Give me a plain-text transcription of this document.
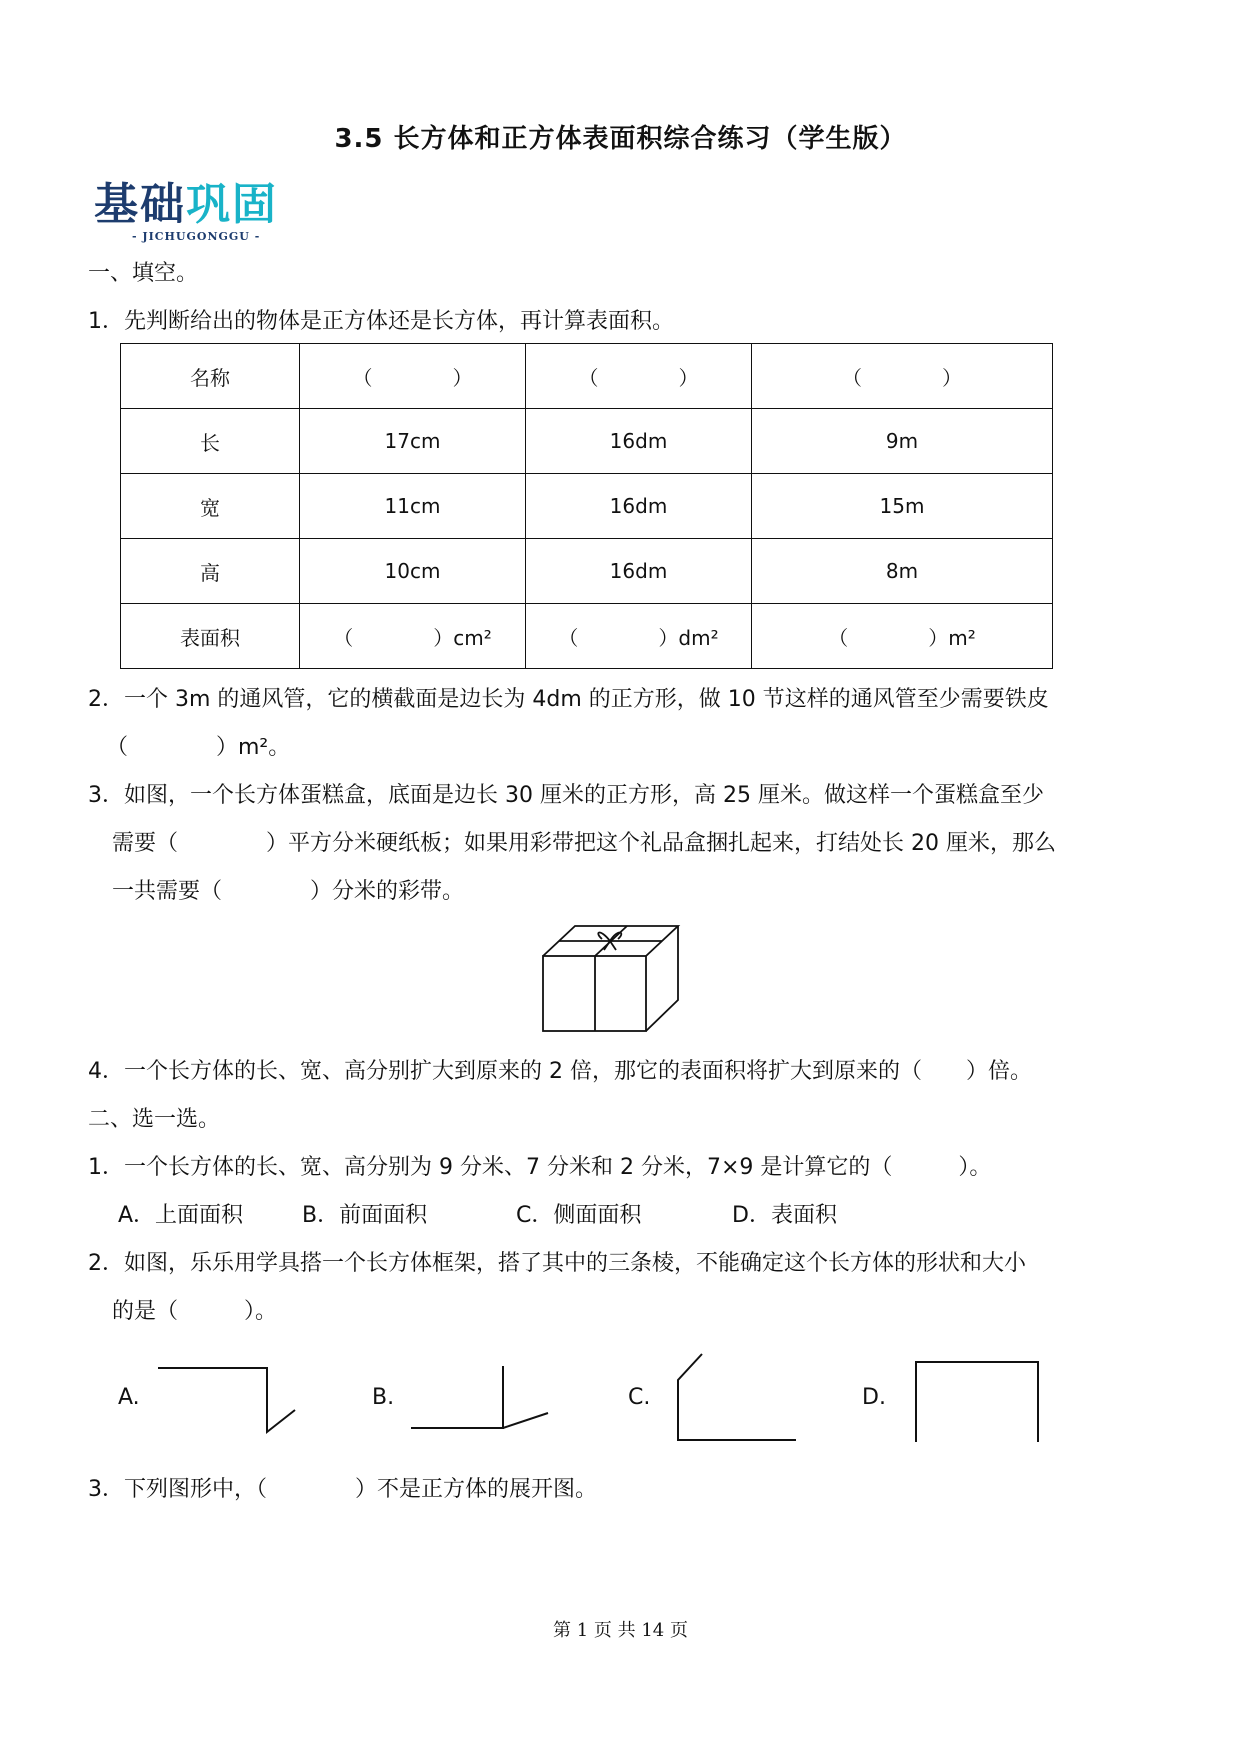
3.5 长方体和正方体表面积综合练习（学生版）
基础巩固
- JICHUGONGGU -
一、填空。
1．先判断给出的物体是正方体还是长方体，再计算表面积。
名称	（　　　　）	（　　　　）	（　　　　）
长	17cm	16dm	9m
宽	11cm	16dm	15m
高	10cm	16dm	8m
表面积	（　　　　）cm²	（　　　　）dm²	（　　　　）m²
2．一个 3m 的通风管，它的横截面是边长为 4dm 的正方形，做 10 节这样的通风管至少需要铁皮
（　　　　）m²。
3．如图，一个长方体蛋糕盒，底面是边长 30 厘米的正方形，高 25 厘米。做这样一个蛋糕盒至少
需要（　　　　）平方分米硬纸板；如果用彩带把这个礼品盒捆扎起来，打结处长 20 厘米，那么
一共需要（　　　　）分米的彩带。
4．一个长方体的长、宽、高分别扩大到原来的 2 倍，那它的表面积将扩大到原来的（　　）倍。
二、选一选。
1．一个长方体的长、宽、高分别为 9 分米、7 分米和 2 分米，7×9 是计算它的（　　　）。
A．上面面积	B．前面面积	C．侧面面积	D．表面积
2．如图，乐乐用学具搭一个长方体框架，搭了其中的三条棱，不能确定这个长方体的形状和大小
的是（　　　）。
A.	B.	C.	D.
3．下列图形中，（　　　　）不是正方体的展开图。
第 1 页 共 14 页
